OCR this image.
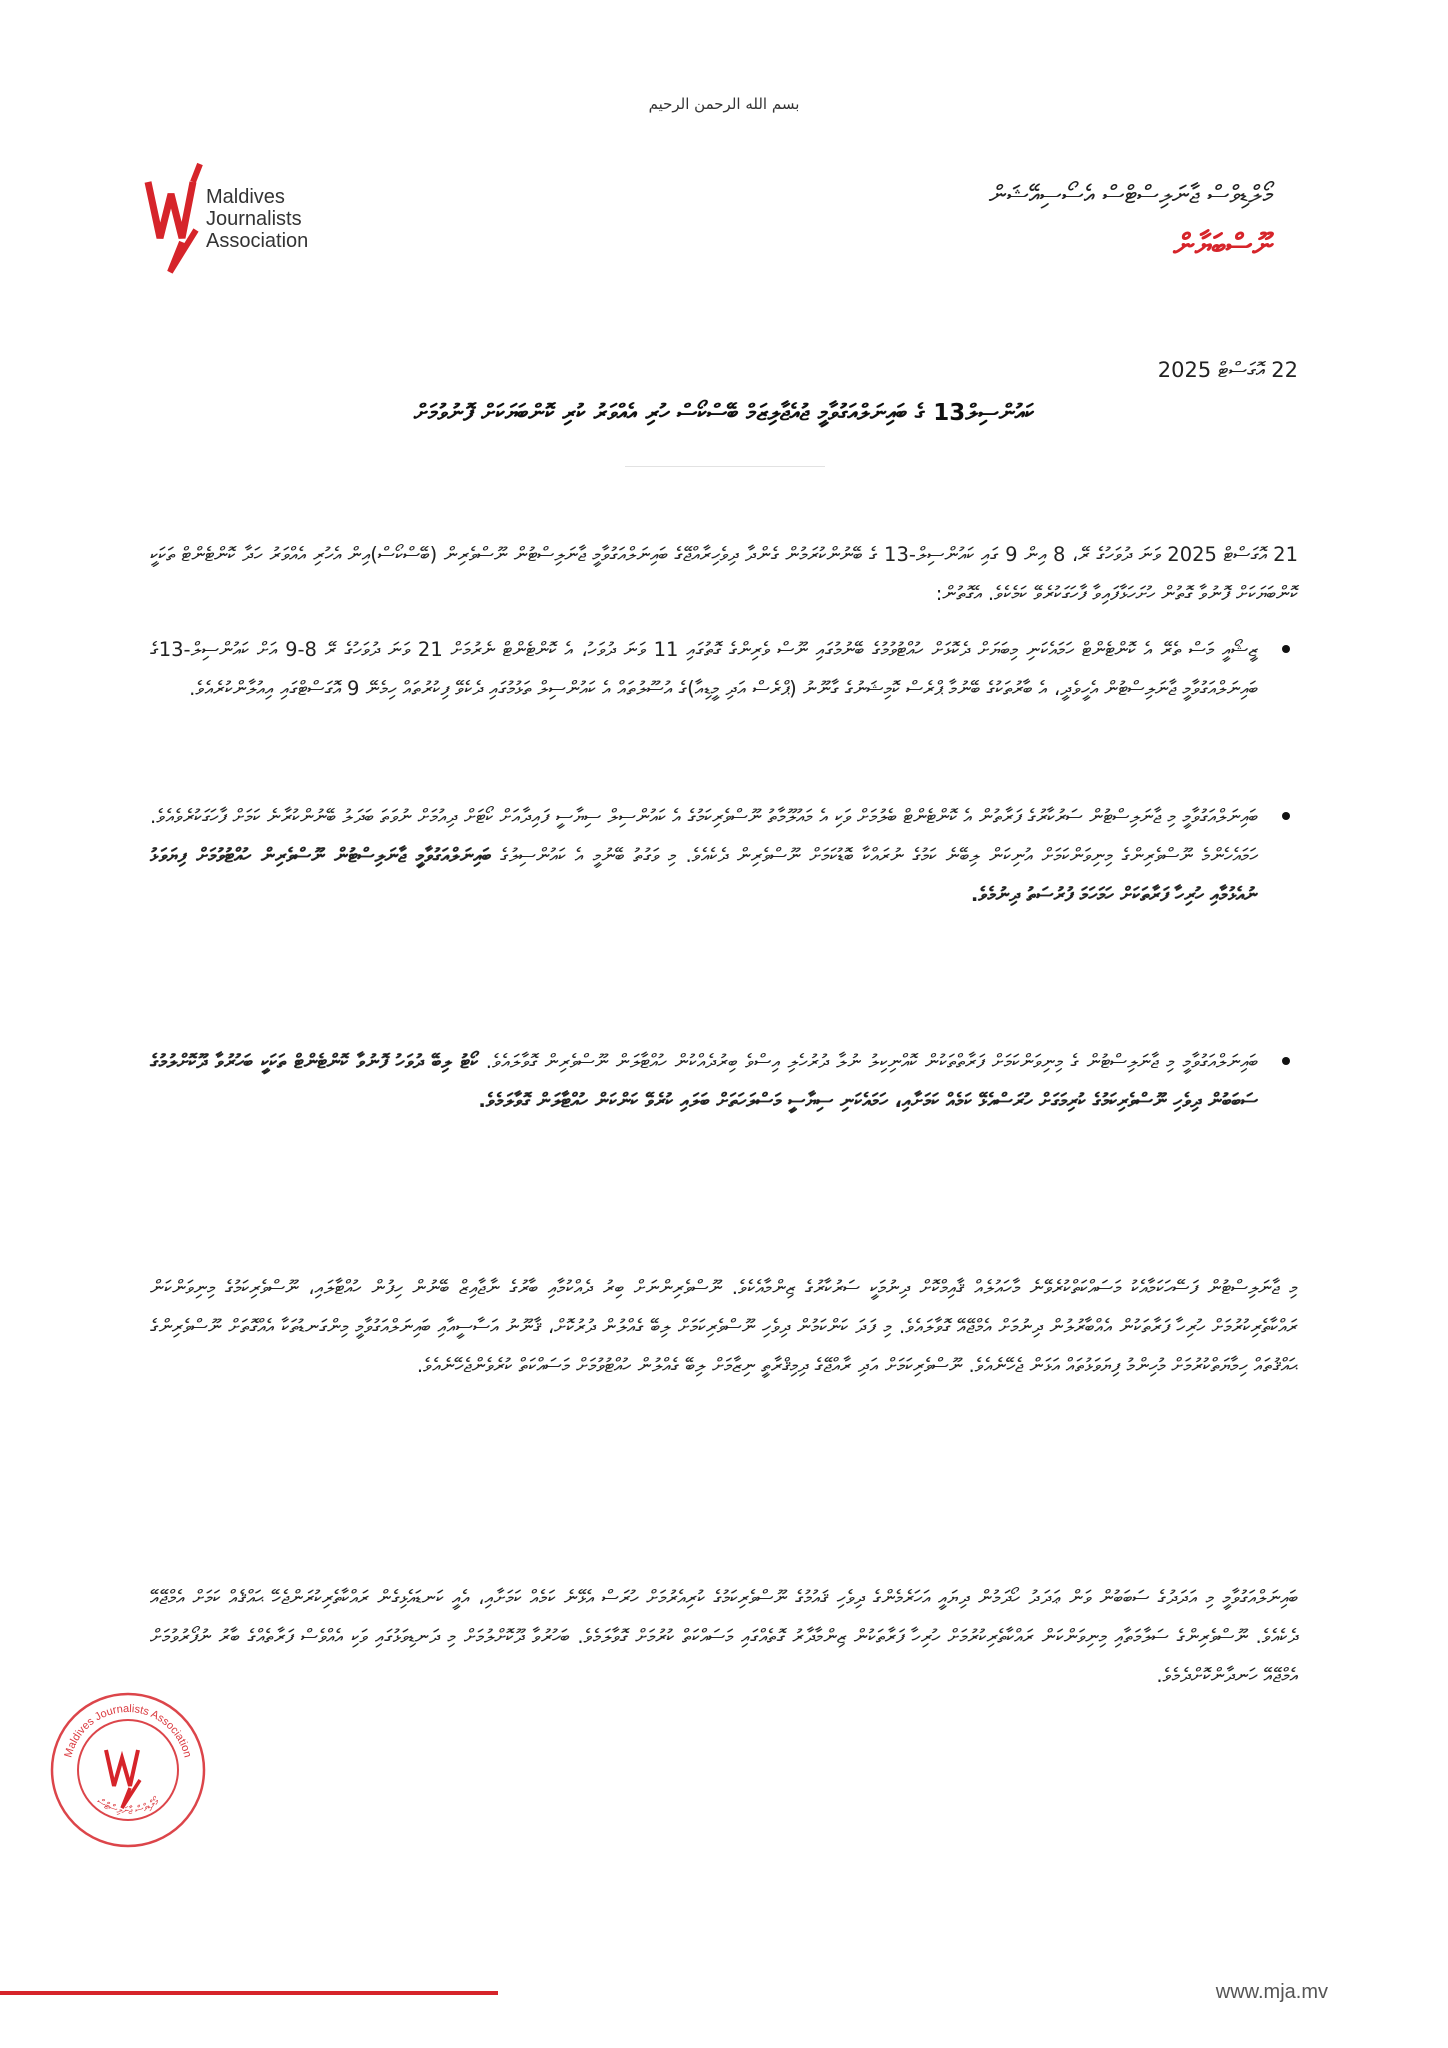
بسم الله الرحمن الرحيم
Maldives
Journalists
Association
މޯލްޑިވްސް ޖާނަލިސްޓްސް އެސޯސިއޭޝަން
ނޫސްބަޔާން
22 އޮގަސްޓް 2025
ކައުންސިލް13 ގެ ބައިނަލްއަގުވާމީ ޖުއެޖާލިޒަމް ބޭސްކޯސް ހުރި އެއްވަރު ކުރި ކޮންބަޔަކަށް ފޮނުވުމަށް
21 އޮގަސްޓް 2025 ވަނަ ދުވަހުގެ ރޭ، 8 އިން 9 ގައި ކައުންސިލް-13 ގެ ބޭނުންކުރަމުން ގެންދާ ދިވެހިރާއްޖޭގެ ބައިނަލްއަގުވާމީ ޖާނަލިސްޓުން ނޫސްވެރިން (ބޭސްކޯސް)އިން އެހުރި އެއްވަރު ހަދާ ކޮންޓެންޓް ތަކަކީ ކޮންބަޔަކަށް ފޮނުވާ ގޮތުން ހުށަހަޅާފައިވާ ފާހަގަކުރެވޭ ކަމެކެވެ. އެގޮތުން:
ޒީޝޯއީ މަސް ތެރޭ އެ ކޮންޓެންޓް ހަމައެކަނި މިބަޔަށް ދެކޮޅަށް ހުއްޓުވުމުގެ ބޭނުމުގައި ނޫސް ވެރިންގެ ގޮތުގައި 11 ވަނަ ދުވަހު، އެ ކޮންޓެންޓް ނެރުމަށް 21 ވަނަ ދުވަހުގެ ރޭ 8-9 އަށް ކައުންސިލް-13ގެ ބައިނަލްއަގުވާމީ ޖާނަލިސްޓުން އެހީވެދީ، އެ ބާރުތަކުގެ ބޭނުމާ ޕްރެސް ކޮމިޝަނުގެ ގާނޫނު (ޕްރެސް އަދި މީޑިއާ)ގެ އުސޫލުތައް އެ ކައުންސިލް ތަޅުމުގައި ދެކެވޭ ފިކުރުތައް ހިމެނޭ 9 އޮގަސްޓްގައި އިއުލާންކުރެއެވެ.
ބައިނަލްއަގުވާމީ މި ޖާނަލިސްޓުން ސަރުކާރުގެ ފަރާތުން އެ ކޮންޓެންޓް ބެލުމަށް ވަކި އެ މައުލޫމާތު ނޫސްވެރިކަމުގެ އެ ކައުންސިލް ސިޔާސީ ފައިދާއަށް ކޯޓަށް ދިއުމަށް ނުވަތަ ބަދަލު ބޭނުންކުރާނެ ކަމަށް ފާހަގަކުރެވެއެވެ. ހަމައެހެންމެ ނޫސްވެރިންގެ މިނިވަންކަމަށް އުނިކަން ލިބޭނެ ކަމުގެ ނުރައްކާ ބޮޑުކަމަށް ނޫސްވެރިން ދެކެއެވެ. މި ވަގުތު ބޭނުމީ އެ ކައުންސިލުގެ ބައިނަލްއަގުވާމީ ޖާނަލިސްޓުން ނޫސްވެރިން ހުއްޓުވުމަށް ފިޔަވަޅު ނުއެޅުމާއި ހުރިހާ ފަރާތަކަށް ހަމަހަމަ ފުރުސަތު ދިނުމެވެ.
ބައިނަލްއަގުވާމީ މި ޖާނަލިސްޓުން ގެ މިނިވަންކަމަށް ފަރާތްތަކުން ކޮއްނިކިލު ނުލާ ދުރުހެލި އިސްވެ ބިރުދެއްކުން ހުއްޓާލަން ނޫސްވެރިން ގޮވާލައެވެ. ކޯޓު ލިބޭ ދުވަހު ފޮނުވާ ކޮންޓެންޓް ތަކަކީ ބަހުރުވާ ދޫކޮށްލުމުގެ ސަބަބުން ދިވެހި ނޫސްވެރިކަމުގެ ކުރިމަގަށް ހުރަސްއެޅޭ ކަމެއް ކަމަށާއި، ހަމައެކަނި ސިޔާސީ މަސްލަހަތަށް ބަލައި ކުރެވޭ ކަންކަން ހުއްޓާލަން ގޮވާލަމެވެ.
މި ޖާނަލިސްޓުން ފަސޭހަކަމާއެކު މަސައްކަތްކުރެވޭނެ މާހައުލެއް ޤާއިމްކޮށް ދިނުމަކީ ސަރުކާރުގެ ޒިންމާއެކެވެ. ނޫސްވެރިންނަށް ބިރު ދެއްކުމާއި ބާރުގެ ނާޖާއިޒް ބޭނުން ހިފުން ހުއްޓާލައި، ނޫސްވެރިކަމުގެ މިނިވަންކަން ރައްކާތެރިކުރުމަށް ހުރިހާ ފަރާތަކުން އެއްބާރުލުން ދިނުމަށް އެމްޖޭއޭ ގޮވާލައެވެ. މި ފަދަ ކަންކަމުން ދިވެހި ނޫސްވެރިކަމަށް ލިބޭ ގެއްލުން ދުރުކޮށް، ޤާނޫނު އަސާސީއާއި ބައިނަލްއަގުވާމީ މިންގަނޑުތަކާ އެއްގޮތަށް ނޫސްވެރިންގެ ޙައްޤުތައް ހިމާޔަތްކުރުމަށް މުހިންމު ފިޔަވަޅުތައް އަޅަން ޖެހޭނެއެވެ. ނޫސްވެރިކަމަށް އަދި ރާއްޖޭގެ ދިމިޤްރާތީ ނިޒާމަށް ލިބޭ ގެއްލުން ހުއްޓުވުމަށް މަސައްކަތް ކުރެވެންޖެހޭނެއެވެ.
ބައިނަލްއަގުވާމީ މި އަދަދުގެ ސަބަބުން ވަން ޢަދަދު ހޯދަމުން ދިޔައީ އަހަރެމެންގެ ދިވެހި ޤައުމުގެ ނޫސްވެރިކަމުގެ ކުރިއެރުމަށް ހުރަސް އެޅޭނެ ކަމެއް ކަމަށާއި، އެއީ ކަނޑައެޅިގެން ރައްކާތެރިކުރަންޖެހޭ ޙައްޤެއް ކަމަށް އެމްޖޭއޭ ދެކެއެވެ. ނޫސްވެރިންގެ ސަލާމަތާއި މިނިވަންކަން ރައްކާތެރިކުރުމަށް ހުރިހާ ފަރާތަކުން ޒިންމާދާރު ގޮތެއްގައި މަސައްކަތް ކުރުމަށް ގޮވާލަމެވެ. ބަހުރުވާ ދޫކޮށްލުމަށް މި ދަނޑިވަޅުގައި ވަކި އެއްވެސް ފަރާތެއްގެ ބާރު ނުފޯރުވުމަށް އެމްޖޭއޭ ހަނދާންކޮށްދެމެވެ.
Maldives Journalists Association
މޯލްޑިވްސް ޖާނަލިސްޓްސް
www.mja.mv
